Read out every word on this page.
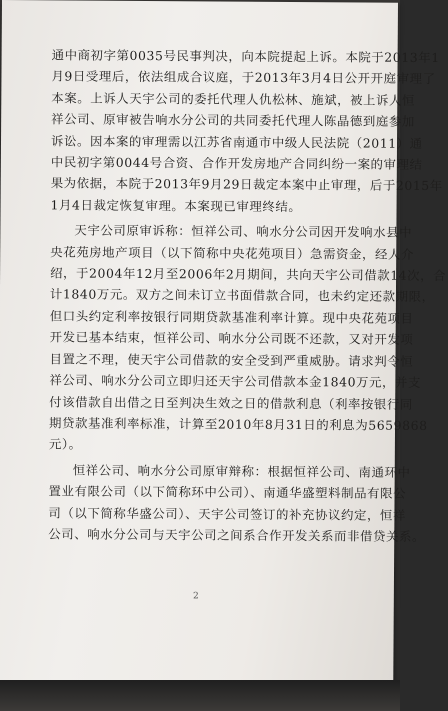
通中商初字第0035号民事判决，向本院提起上诉。本院于2013年1
月9日受理后，依法组成合议庭，于2013年3月4日公开开庭审理了
本案。上诉人天宇公司的委托代理人仇松林、施斌，被上诉人恒
祥公司、原审被告响水分公司的共同委托代理人陈晶德到庭参加
诉讼。因本案的审理需以江苏省南通市中级人民法院（2011）通
中民初字第0044号合资、合作开发房地产合同纠纷一案的审理结
果为依据，本院于2013年9月29日裁定本案中止审理，后于2015年
1月4日裁定恢复审理。本案现已审理终结。
天宇公司原审诉称：恒祥公司、响水分公司因开发响水县中
央花苑房地产项目（以下简称中央花苑项目）急需资金，经人介
绍，于2004年12月至2006年2月期间，共向天宇公司借款14次，合
计1840万元。双方之间未订立书面借款合同，也未约定还款期限，
但口头约定利率按银行同期贷款基准利率计算。现中央花苑项目
开发已基本结束，恒祥公司、响水分公司既不还款，又对开发项
目置之不理，使天宇公司借款的安全受到严重威胁。请求判令恒
祥公司、响水分公司立即归还天宇公司借款本金1840万元，并支
付该借款自出借之日至判决生效之日的借款利息（利率按银行同
期贷款基准利率标准，计算至2010年8月31日的利息为5659868
元）。
恒祥公司、响水分公司原审辩称：根据恒祥公司、南通环中
置业有限公司（以下简称环中公司）、南通华盛塑料制品有限公
司（以下简称华盛公司）、天宇公司签订的补充协议约定，恒祥
公司、响水分公司与天宇公司之间系合作开发关系而非借贷关系。
2
